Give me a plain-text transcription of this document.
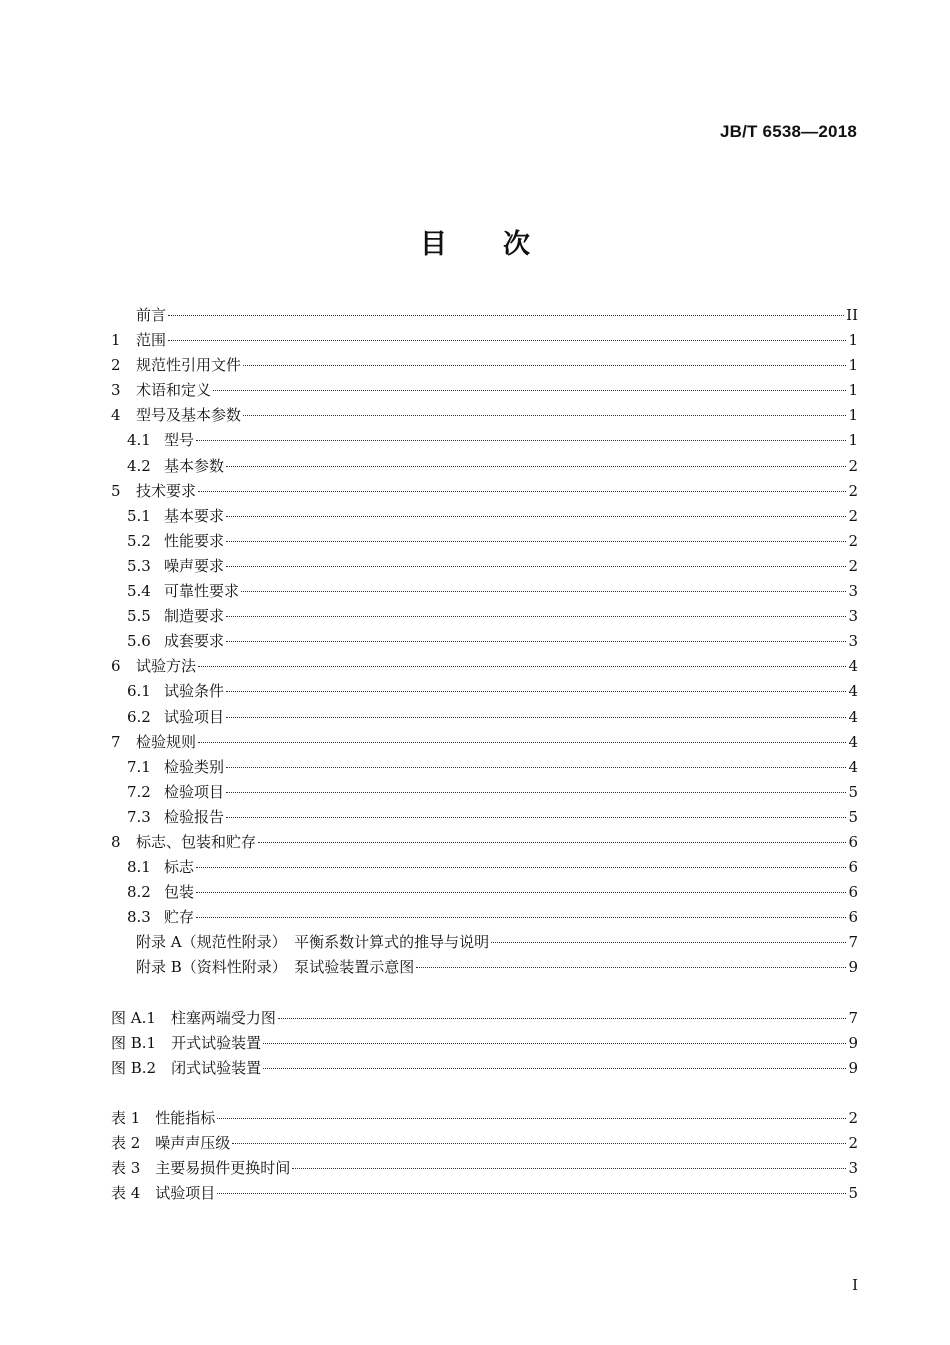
JB/T 6538—2018
目 次
前言	II
1	范围	1
2	规范性引用文件	1
3	术语和定义	1
4	型号及基本参数	1
4.1 型号	1
4.2 基本参数	2
5	技术要求	2
5.1 基本要求	2
5.2 性能要求	2
5.3 噪声要求	2
5.4 可靠性要求	3
5.5 制造要求	3
5.6 成套要求	3
6	试验方法	4
6.1 试验条件	4
6.2 试验项目	4
7	检验规则	4
7.1 检验类别	4
7.2 检验项目	5
7.3 检验报告	5
8	标志、包装和贮存	6
8.1 标志	6
8.2 包装	6
8.3 贮存	6
附录 A（规范性附录）　平衡系数计算式的推导与说明	7
附录 B（资料性附录）　泵试验装置示意图	9
图 A.1　柱塞两端受力图	7
图 B.1　开式试验装置	9
图 B.2　闭式试验装置	9
表 1　性能指标	2
表 2　噪声声压级	2
表 3　主要易损件更换时间	3
表 4　试验项目	5
I
